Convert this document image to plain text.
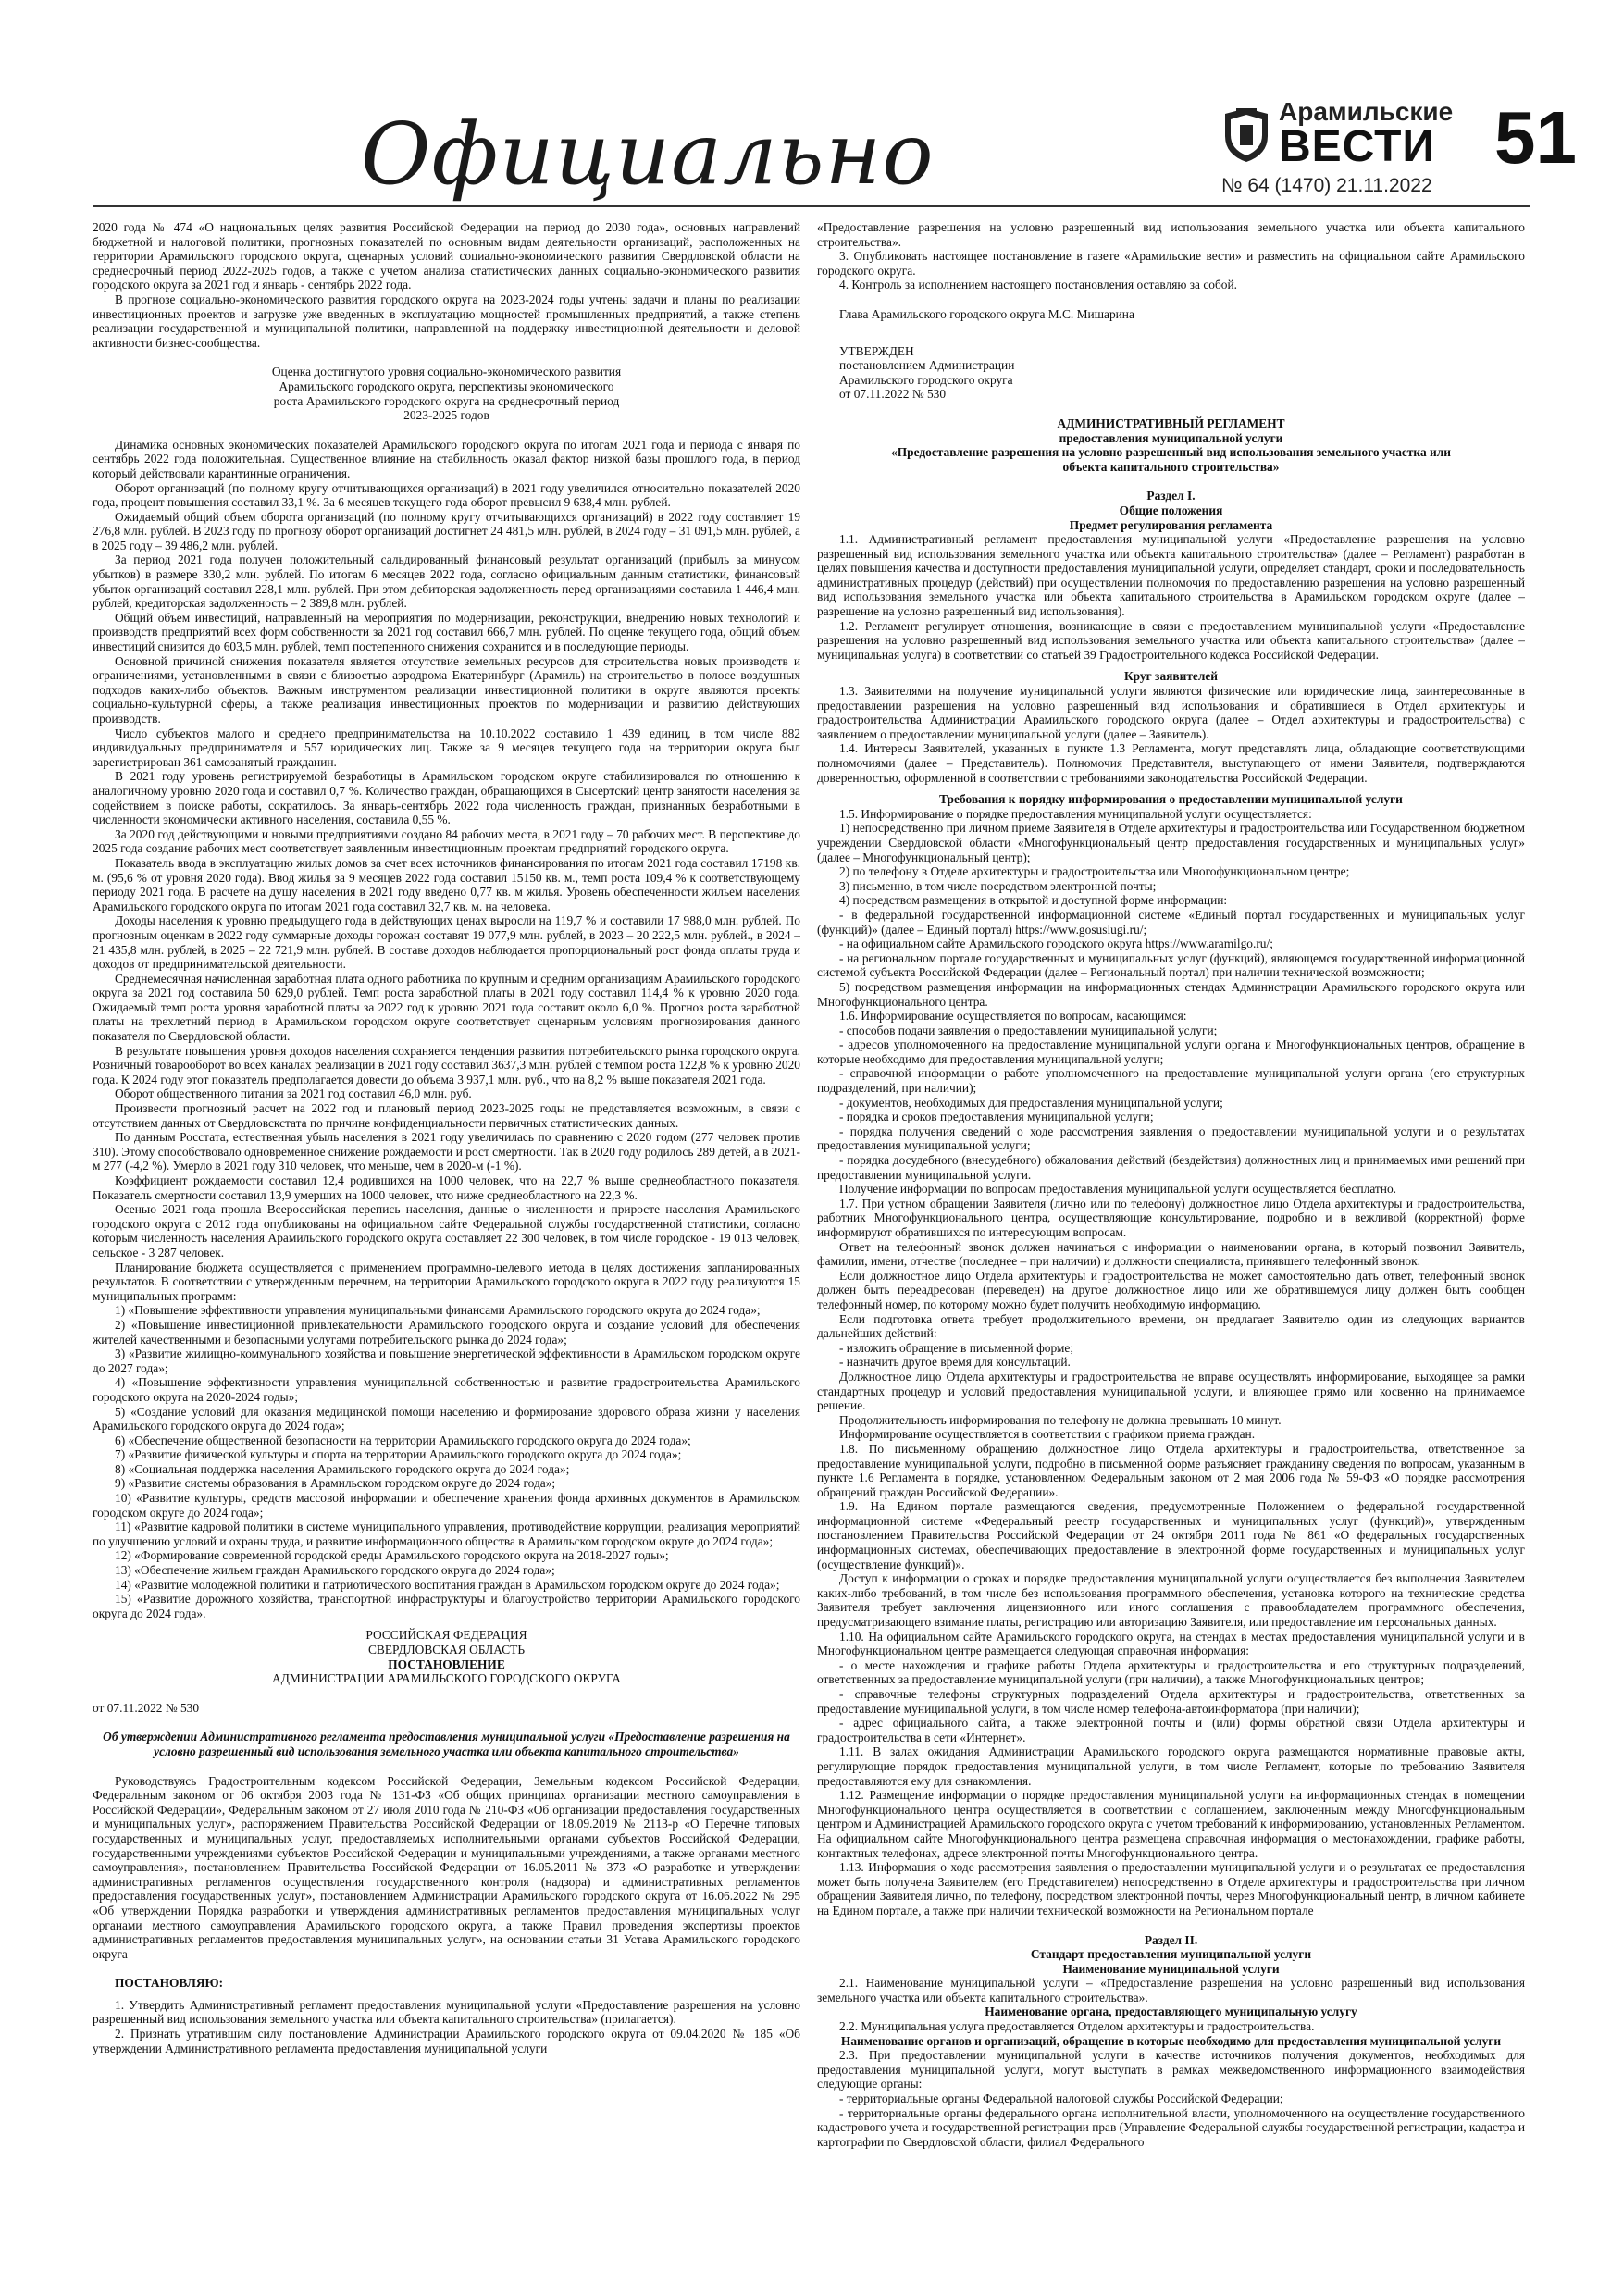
Официально	Арамильские
ВЕСТИ
№ 64 (1470) 21.11.2022
51

2020 года № 474 «О национальных целях развития Российской Федерации на период до 2030 года», основных направлений бюджетной и налоговой политики, прогнозных показателей по основным видам деятельности организаций, расположенных на территории Арамильского городского округа, сценарных условий социально-экономического развития Свердловской области на среднесрочный период 2022-2025 годов, а также с учетом анализа статистических данных социально-экономического развития городского округа за 2021 год и январь - сентябрь 2022 года.

В прогнозе социально-экономического развития городского округа на 2023-2024 годы учтены задачи и планы по реализации инвестиционных проектов и загрузке уже введенных в эксплуатацию мощностей промышленных предприятий, а также степень реализации государственной и муниципальной политики, направленной на поддержку инвестиционной деятельности и деловой активности бизнес-сообщества.

Оценка достигнутого уровня социально-экономического развития

Арамильского городского округа, перспективы экономического

роста Арамильского городского округа на среднесрочный период

2023-2025 годов

Динамика основных экономических показателей Арамильского городского округа по итогам 2021 года и периода с января по сентябрь 2022 года положительная. Существенное влияние на стабильность оказал фактор низкой базы прошлого года, в период который действовали карантинные ограничения.

Оборот организаций (по полному кругу отчитывающихся организаций) в 2021 году увеличился относительно показателей 2020 года, процент повышения составил 33,1 %. За 6 месяцев текущего года оборот превысил 9 638,4 млн. рублей.

Ожидаемый общий объем оборота организаций (по полному кругу отчитывающихся организаций) в 2022 году составляет 19 276,8 млн. рублей. В 2023 году по прогнозу оборот организаций достигнет 24 481,5 млн. рублей, в 2024 году – 31 091,5 млн. рублей, а в 2025 году – 39 486,2 млн. рублей.

За период 2021 года получен положительный сальдированный финансовый результат организаций (прибыль за минусом убытков) в размере 330,2 млн. рублей. По итогам 6 месяцев 2022 года, согласно официальным данным статистики, финансовый убыток организаций составил 228,1 млн. рублей. При этом дебиторская задолженность перед организациями составила 1 446,4 млн. рублей, кредиторская задолженность – 2 389,8 млн. рублей.

Общий объем инвестиций, направленный на мероприятия по модернизации, реконструкции, внедрению новых технологий и производств предприятий всех форм собственности за 2021 год составил 666,7 млн. рублей. По оценке текущего года, общий объем инвестиций снизится до 603,5 млн. рублей, темп постепенного снижения сохранится и в последующие периоды.

Основной причиной снижения показателя является отсутствие земельных ресурсов для строительства новых производств и ограничениями, установленными в связи с близостью аэродрома Екатеринбург (Арамиль) на строительство в полосе воздушных подходов каких-либо объектов. Важным инструментом реализации инвестиционной политики в округе являются проекты социально-культурной сферы, а также реализация инвестиционных проектов по модернизации и развитию действующих производств.

Число субъектов малого и среднего предпринимательства на 10.10.2022 составило 1 439 единиц, в том числе 882 индивидуальных предпринимателя и 557 юридических лиц. Также за 9 месяцев текущего года на территории округа был зарегистрирован 361 самозанятый гражданин.

В 2021 году уровень регистрируемой безработицы в Арамильском городском округе стабилизировался по отношению к аналогичному уровню 2020 года и составил 0,7 %. Количество граждан, обращающихся в Сысертский центр занятости населения за содействием в поиске работы, сократилось. За январь-сентябрь 2022 года численность граждан, признанных безработными в численности экономически активного населения, составила 0,55 %.

За 2020 год действующими и новыми предприятиями создано 84 рабочих места, в 2021 году – 70 рабочих мест. В перспективе до 2025 года создание рабочих мест соответствует заявленным инвестиционным проектам предприятий городского округа.

Показатель ввода в эксплуатацию жилых домов за счет всех источников финансирования по итогам 2021 года составил 17198 кв. м. (95,6 % от уровня 2020 года). Ввод жилья за 9 месяцев 2022 года составил 15150 кв. м., темп роста 109,4 % к соответствующему периоду 2021 года. В расчете на душу населения в 2021 году введено 0,77 кв. м жилья. Уровень обеспеченности жильем населения Арамильского городского округа по итогам 2021 года составил 32,7 кв. м. на человека.

Доходы населения к уровню предыдущего года в действующих ценах выросли на 119,7 % и составили 17 988,0 млн. рублей. По прогнозным оценкам в 2022 году суммарные доходы горожан составят 19 077,9 млн. рублей, в 2023 – 20 222,5 млн. рублей., в 2024 – 21 435,8 млн. рублей, в 2025 – 22 721,9 млн. рублей. В составе доходов наблюдается пропорциональный рост фонда оплаты труда и доходов от предпринимательской деятельности.

Среднемесячная начисленная заработная плата одного работника по крупным и средним организациям Арамильского городского округа за 2021 год составила 50 629,0 рублей. Темп роста заработной платы в 2021 году составил 114,4 % к уровню 2020 года. Ожидаемый темп роста уровня заработной платы за 2022 год к уровню 2021 года составит около 6,0 %. Прогноз роста заработной платы на трехлетний период в Арамильском городском округе соответствует сценарным условиям прогнозирования данного показателя по Свердловской области.

В результате повышения уровня доходов населения сохраняется тенденция развития потребительского рынка городского округа. Розничный товарооборот во всех каналах реализации в 2021 году составил 3637,3 млн. рублей с темпом роста 122,8 % к уровню 2020 года. К 2024 году этот показатель предполагается довести до объема 3 937,1 млн. руб., что на 8,2 % выше показателя 2021 года.

Оборот общественного питания за 2021 год составил 46,0 млн. руб.

Произвести прогнозный расчет на 2022 год и плановый период 2023-2025 годы не представляется возможным, в связи с отсутствием данных от Свердловскстата по причине конфиденциальности первичных статистических данных.

По данным Росстата, естественная убыль населения в 2021 году увеличилась по сравнению с 2020 годом (277 человек против 310). Этому способствовало одновременное снижение рождаемости и рост смертности. Так в 2020 году родилось 289 детей, а в 2021-м 277 (-4,2 %). Умерло в 2021 году 310 человек, что меньше, чем в 2020-м (-1 %).

Коэффициент рождаемости составил 12,4 родившихся на 1000 человек, что на 22,7 % выше среднеобластного показателя. Показатель смертности составил 13,9 умерших на 1000 человек, что ниже среднеобластного на 22,3 %.

Осенью 2021 года прошла Всероссийская перепись населения, данные о численности и приросте населения Арамильского городского округа с 2012 года опубликованы на официальном сайте Федеральной службы государственной статистики, согласно которым численность населения Арамильского городского округа составляет 22 300 человек, в том числе городское - 19 013 человек, сельское - 3 287 человек.

Планирование бюджета осуществляется с применением программно-целевого метода в целях достижения запланированных результатов. В соответствии с утвержденным перечнем, на территории Арамильского городского округа в 2022 году реализуются 15 муниципальных программ:

1) «Повышение эффективности управления муниципальными финансами Арамильского городского округа до 2024 года»;

2) «Повышение инвестиционной привлекательности Арамильского городского округа и создание условий для обеспечения жителей качественными и безопасными услугами потребительского рынка до 2024 года»;

3) «Развитие жилищно-коммунального хозяйства и повышение энергетической эффективности в Арамильском городском округе до 2027 года»;

4) «Повышение эффективности управления муниципальной собственностью и развитие градостроительства Арамильского городского округа на 2020-2024 годы»;

5) «Создание условий для оказания медицинской помощи населению и формирование здорового образа жизни у населения Арамильского городского округа до 2024 года»;

6) «Обеспечение общественной безопасности на территории Арамильского городского округа до 2024 года»;

7) «Развитие физической культуры и спорта на территории Арамильского городского округа до 2024 года»;

8) «Социальная поддержка населения Арамильского городского округа до 2024 года»;

9) «Развитие системы образования в Арамильском городском округе до 2024 года»;

10) «Развитие культуры, средств массовой информации и обеспечение хранения фонда архивных документов в Арамильском городском округе до 2024 года»;

11) «Развитие кадровой политики в системе муниципального управления, противодействие коррупции, реализация мероприятий по улучшению условий и охраны труда, и развитие информационного общества в Арамильском городском округе до 2024 года»;

12) «Формирование современной городской среды Арамильского городского округа на 2018-2027 годы»;

13) «Обеспечение жильем граждан Арамильского городского округа до 2024 года»;

14) «Развитие молодежной политики и патриотического воспитания граждан в Арамильском городском округе до 2024 года»;

15) «Развитие дорожного хозяйства, транспортной инфраструктуры и благоустройство территории Арамильского городского округа до 2024 года».

РОССИЙСКАЯ ФЕДЕРАЦИЯ

СВЕРДЛОВСКАЯ ОБЛАСТЬ

ПОСТАНОВЛЕНИЕ

АДМИНИСТРАЦИИ АРАМИЛЬСКОГО ГОРОДСКОГО ОКРУГА

от 07.11.2022 № 530

Об утверждении Административного регламента предоставления муниципальной услуги «Предоставление разрешения на условно разрешенный вид использования земельного участка или объекта капитального строительства»

Руководствуясь Градостроительным кодексом Российской Федерации, Земельным кодексом Российской Федерации, Федеральным законом от 06 октября 2003 года № 131-ФЗ «Об общих принципах организации местного самоуправления в Российской Федерации», Федеральным законом от 27 июля 2010 года № 210-ФЗ «Об организации предоставления государственных и муниципальных услуг», распоряжением Правительства Российской Федерации от 18.09.2019 № 2113-р «О Перечне типовых государственных и муниципальных услуг, предоставляемых исполнительными органами субъектов Российской Федерации, государственными учреждениями субъектов Российской Федерации и муниципальными учреждениями, а также органами местного самоуправления», постановлением Правительства Российской Федерации от 16.05.2011 № 373 «О разработке и утверждении административных регламентов осуществления государственного контроля (надзора) и административных регламентов предоставления государственных услуг», постановлением Администрации Арамильского городского округа от 16.06.2022 № 295 «Об утверждении Порядка разработки и утверждения административных регламентов предоставления муниципальных услуг органами местного самоуправления Арамильского городского округа, а также Правил проведения экспертизы проектов административных регламентов предоставления муниципальных услуг», на основании статьи 31 Устава Арамильского городского округа

ПОСТАНОВЛЯЮ:

1. Утвердить Административный регламент предоставления муниципальной услуги «Предоставление разрешения на условно разрешенный вид использования земельного участка или объекта капитального строительства» (прилагается).

2. Признать утратившим силу постановление Администрации Арамильского городского округа от 09.04.2020 № 185 «Об утверждении Административного регламента предоставления муниципальной услуги

«Предоставление разрешения на условно разрешенный вид использования земельного участка или объекта капитального строительства».

3. Опубликовать настоящее постановление в газете «Арамильские вести» и разместить на официальном сайте Арамильского городского округа.

4. Контроль за исполнением настоящего постановления оставляю за собой.

Глава Арамильского городского округа М.С. Мишарина

УТВЕРЖДЕН

постановлением Администрации

Арамильского городского округа

от 07.11.2022 № 530

АДМИНИСТРАТИВНЫЙ РЕГЛАМЕНТ

предоставления муниципальной услуги

«Предоставление разрешения на условно разрешенный вид использования земельного участка или

объекта капитального строительства»

Раздел I.

Общие положения

Предмет регулирования регламента

1.1. Административный регламент предоставления муниципальной услуги «Предоставление разрешения на условно разрешенный вид использования земельного участка или объекта капитального строительства» (далее – Регламент) разработан в целях повышения качества и доступности предоставления муниципальной услуги, определяет стандарт, сроки и последовательность административных процедур (действий) при осуществлении полномочия по предоставлению разрешения на условно разрешенный вид использования земельного участка или объекта капитального строительства в Арамильском городском округе (далее – разрешение на условно разрешенный вид использования).

1.2. Регламент регулирует отношения, возникающие в связи с предоставлением муниципальной услуги «Предоставление разрешения на условно разрешенный вид использования земельного участка или объекта капитального строительства» (далее – муниципальная услуга) в соответствии со статьей 39 Градостроительного кодекса Российской Федерации.

Круг заявителей

1.3. Заявителями на получение муниципальной услуги являются физические или юридические лица, заинтересованные в предоставлении разрешения на условно разрешенный вид использования и обратившиеся в Отдел архитектуры и градостроительства Администрации Арамильского городского округа (далее – Отдел архитектуры и градостроительства) с заявлением о предоставлении муниципальной услуги (далее – Заявитель).

1.4. Интересы Заявителей, указанных в пункте 1.3 Регламента, могут представлять лица, обладающие соответствующими полномочиями (далее – Представитель). Полномочия Представителя, выступающего от имени Заявителя, подтверждаются доверенностью, оформленной в соответствии с требованиями законодательства Российской Федерации.

Требования к порядку информирования о предоставлении муниципальной услуги

1.5. Информирование о порядке предоставления муниципальной услуги осуществляется:

1) непосредственно при личном приеме Заявителя в Отделе архитектуры и градостроительства или Государственном бюджетном учреждении Свердловской области «Многофункциональный центр предоставления государственных и муниципальных услуг» (далее – Многофункциональный центр);

2) по телефону в Отделе архитектуры и градостроительства или Многофункциональном центре;

3) письменно, в том числе посредством электронной почты;

4) посредством размещения в открытой и доступной форме информации:

- в федеральной государственной информационной системе «Единый портал государственных и муниципальных услуг (функций)» (далее – Единый портал) https://www.gosuslugi.ru/;

- на официальном сайте Арамильского городского округа https://www.aramilgo.ru/;

- на региональном портале государственных и муниципальных услуг (функций), являющемся государственной информационной системой субъекта Российской Федерации (далее – Региональный портал) при наличии технической возможности;

5) посредством размещения информации на информационных стендах Администрации Арамильского городского округа или Многофункционального центра.

1.6. Информирование осуществляется по вопросам, касающимся:

- способов подачи заявления о предоставлении муниципальной услуги;

- адресов уполномоченного на предоставление муниципальной услуги органа и Многофункциональных центров, обращение в которые необходимо для предоставления муниципальной услуги;

- справочной информации о работе уполномоченного на предоставление муниципальной услуги органа (его структурных подразделений, при наличии);

- документов, необходимых для предоставления муниципальной услуги;

- порядка и сроков предоставления муниципальной услуги;

- порядка получения сведений о ходе рассмотрения заявления о предоставлении муниципальной услуги и о результатах предоставления муниципальной услуги;

- порядка досудебного (внесудебного) обжалования действий (бездействия) должностных лиц и принимаемых ими решений при предоставлении муниципальной услуги.

Получение информации по вопросам предоставления муниципальной услуги осуществляется бесплатно.

1.7. При устном обращении Заявителя (лично или по телефону) должностное лицо Отдела архитектуры и градостроительства, работник Многофункционального центра, осуществляющие консультирование, подробно и в вежливой (корректной) форме информируют обратившихся по интересующим вопросам.

Ответ на телефонный звонок должен начинаться с информации о наименовании органа, в который позвонил Заявитель, фамилии, имени, отчестве (последнее – при наличии) и должности специалиста, принявшего телефонный звонок.

Если должностное лицо Отдела архитектуры и градостроительства не может самостоятельно дать ответ, телефонный звонок должен быть переадресован (переведен) на другое должностное лицо или же обратившемуся лицу должен быть сообщен телефонный номер, по которому можно будет получить необходимую информацию.

Если подготовка ответа требует продолжительного времени, он предлагает Заявителю один из следующих вариантов дальнейших действий:

- изложить обращение в письменной форме;

- назначить другое время для консультаций.

Должностное лицо Отдела архитектуры и градостроительства не вправе осуществлять информирование, выходящее за рамки стандартных процедур и условий предоставления муниципальной услуги, и влияющее прямо или косвенно на принимаемое решение.

Продолжительность информирования по телефону не должна превышать 10 минут.

Информирование осуществляется в соответствии с графиком приема граждан.

1.8. По письменному обращению должностное лицо Отдела архитектуры и градостроительства, ответственное за предоставление муниципальной услуги, подробно в письменной форме разъясняет гражданину сведения по вопросам, указанным в пункте 1.6 Регламента в порядке, установленном Федеральным законом от 2 мая 2006 года № 59-ФЗ «О порядке рассмотрения обращений граждан Российской Федерации».

1.9. На Едином портале размещаются сведения, предусмотренные Положением о федеральной государственной информационной системе «Федеральный реестр государственных и муниципальных услуг (функций)», утвержденным постановлением Правительства Российской Федерации от 24 октября 2011 года № 861 «О федеральных государственных информационных системах, обеспечивающих предоставление в электронной форме государственных и муниципальных услуг (осуществление функций)».

Доступ к информации о сроках и порядке предоставления муниципальной услуги осуществляется без выполнения Заявителем каких-либо требований, в том числе без использования программного обеспечения, установка которого на технические средства Заявителя требует заключения лицензионного или иного соглашения с правообладателем программного обеспечения, предусматривающего взимание платы, регистрацию или авторизацию Заявителя, или предоставление им персональных данных.

1.10. На официальном сайте Арамильского городского округа, на стендах в местах предоставления муниципальной услуги и в Многофункциональном центре размещается следующая справочная информация:

- о месте нахождения и графике работы Отдела архитектуры и градостроительства и его структурных подразделений, ответственных за предоставление муниципальной услуги (при наличии), а также Многофункциональных центров;

- справочные телефоны структурных подразделений Отдела архитектуры и градостроительства, ответственных за предоставление муниципальной услуги, в том числе номер телефона-автоинформатора (при наличии);

- адрес официального сайта, а также электронной почты и (или) формы обратной связи Отдела архитектуры и градостроительства в сети «Интернет».

1.11. В залах ожидания Администрации Арамильского городского округа размещаются нормативные правовые акты, регулирующие порядок предоставления муниципальной услуги, в том числе Регламент, которые по требованию Заявителя предоставляются ему для ознакомления.

1.12. Размещение информации о порядке предоставления муниципальной услуги на информационных стендах в помещении Многофункционального центра осуществляется в соответствии с соглашением, заключенным между Многофункциональным центром и Администрацией Арамильского городского округа с учетом требований к информированию, установленных Регламентом. На официальном сайте Многофункционального центра размещена справочная информация о местонахождении, графике работы, контактных телефонах, адресе электронной почты Многофункционального центра.

1.13. Информация о ходе рассмотрения заявления о предоставлении муниципальной услуги и о результатах ее предоставления может быть получена Заявителем (его Представителем) непосредственно в Отделе архитектуры и градостроительства при личном обращении Заявителя лично, по телефону, посредством электронной почты, через Многофункциональный центр, в личном кабинете на Едином портале, а также при наличии технической возможности на Региональном портале

Раздел II.

Стандарт предоставления муниципальной услуги

Наименование муниципальной услуги

2.1. Наименование муниципальной услуги – «Предоставление разрешения на условно разрешенный вид использования земельного участка или объекта капитального строительства».

Наименование органа, предоставляющего муниципальную услугу

2.2. Муниципальная услуга предоставляется Отделом архитектуры и градостроительства.

Наименование органов и организаций, обращение в которые необходимо для предоставления муниципальной услуги

2.3. При предоставлении муниципальной услуги в качестве источников получения документов, необходимых для предоставления муниципальной услуги, могут выступать в рамках межведомственного информационного взаимодействия следующие органы:

- территориальные органы Федеральной налоговой службы Российской Федерации;

- территориальные органы федерального органа исполнительной власти, уполномоченного на осуществление государственного кадастрового учета и государственной регистрации прав (Управление Федеральной службы государственной регистрации, кадастра и картографии по Свердловской области, филиал Федерального
